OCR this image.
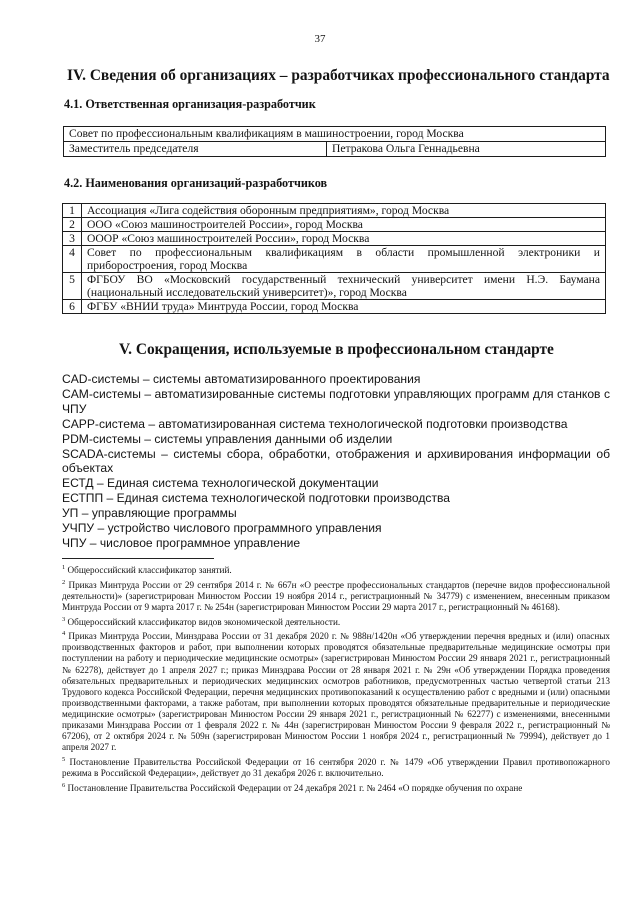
37
IV. Сведения об организациях – разработчиках профессионального стандарта
4.1. Ответственная организация-разработчик
Совет по профессиональным квалификациям в машиностроении, город Москва
Заместитель председателя	Петракова Ольга Геннадьевна
4.2. Наименования организаций-разработчиков
1	Ассоциация «Лига содействия оборонным предприятиям», город Москва
2	ООО «Союз машиностроителей России», город Москва
3	ОООР «Союз машиностроителей России», город Москва
4	Совет по профессиональным квалификациям в области промышленной электроники и приборостроения, город Москва
5	ФГБОУ ВО «Московский государственный технический университет имени Н.Э. Баумана (национальный исследовательский университет)», город Москва
6	ФГБУ «ВНИИ труда» Минтруда России, город Москва
V. Сокращения, используемые в профессиональном стандарте
CAD-системы – системы автоматизированного проектирования
CAM-системы – автоматизированные системы подготовки управляющих программ для станков с ЧПУ
CAPP-система – автоматизированная система технологической подготовки производства
PDM-системы – системы управления данными об изделии
SCADA-системы – системы сбора, обработки, отображения и архивирования информации об объектах
ЕСТД – Единая система технологической документации
ЕСТПП – Единая система технологической подготовки производства
УП – управляющие программы
УЧПУ – устройство числового программного управления
ЧПУ – числовое программное управление
$^1$ Общероссийский классификатор занятий.
$^2$ Приказ Минтруда России от 29 сентября 2014 г. № 667н «О реестре профессиональных стандартов (перечне видов профессиональной деятельности)» (зарегистрирован Минюстом России 19 ноября 2014 г., регистрационный № 34779) с изменением, внесенным приказом Минтруда России от 9 марта 2017 г. № 254н (зарегистрирован Минюстом России 29 марта 2017 г., регистрационный № 46168).
$^3$ Общероссийский классификатор видов экономической деятельности.
$^4$ Приказ Минтруда России, Минздрава России от 31 декабря 2020 г. № 988н/1420н «Об утверждении перечня вредных и (или) опасных производственных факторов и работ, при выполнении которых проводятся обязательные предварительные медицинские осмотры при поступлении на работу и периодические медицинские осмотры» (зарегистрирован Минюстом России 29 января 2021 г., регистрационный № 62278), действует до 1 апреля 2027 г.; приказ Минздрава России от 28 января 2021 г. № 29н «Об утверждении Порядка проведения обязательных предварительных и периодических медицинских осмотров работников, предусмотренных частью четвертой статьи 213 Трудового кодекса Российской Федерации, перечня медицинских противопоказаний к осуществлению работ с вредными и (или) опасными производственными факторами, а также работам, при выполнении которых проводятся обязательные предварительные и периодические медицинские осмотры» (зарегистрирован Минюстом России 29 января 2021 г., регистрационный № 62277) с изменениями, внесенными приказами Минздрава России от 1 февраля 2022 г. № 44н (зарегистрирован Минюстом России 9 февраля 2022 г., регистрационный № 67206), от 2 октября 2024 г. № 509н (зарегистрирован Минюстом России 1 ноября 2024 г., регистрационный № 79994), действует до 1 апреля 2027 г.
$^5$ Постановление Правительства Российской Федерации от 16 сентября 2020 г. № 1479 «Об утверждении Правил противопожарного режима в Российской Федерации», действует до 31 декабря 2026 г. включительно.
$^6$ Постановление Правительства Российской Федерации от 24 декабря 2021 г. № 2464 «О порядке обучения по охране
